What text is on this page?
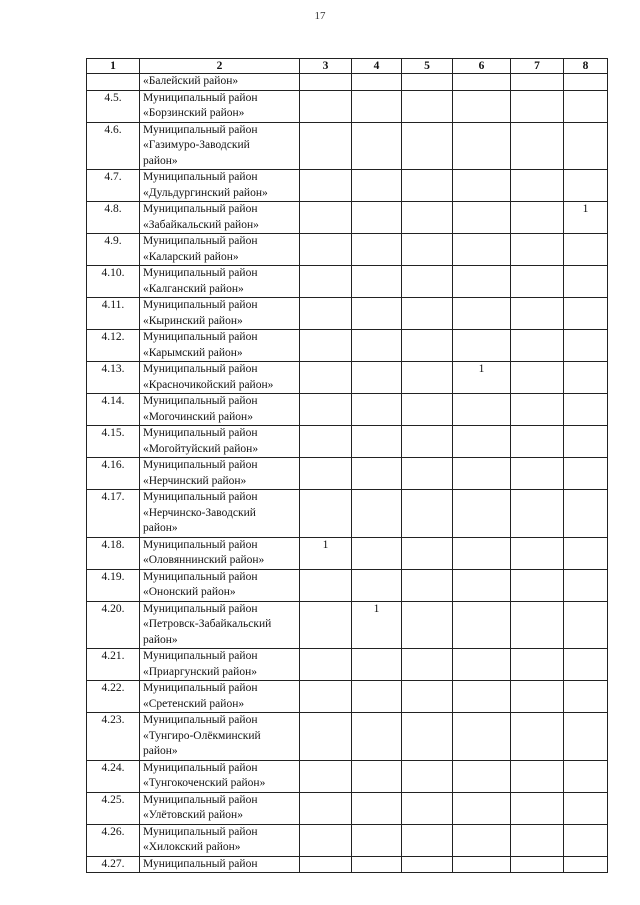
17
1	2	3	4	5	6	7	8
	«Балейский район»						
4.5.	Муниципальный район
«Борзинский район»						
4.6.	Муниципальный район
«Газимуро-Заводский
район»						
4.7.	Муниципальный район
«Дульдургинский район»						
4.8.	Муниципальный район
«Забайкальский район»						1
4.9.	Муниципальный район
«Каларский район»						
4.10.	Муниципальный район
«Калганский район»						
4.11.	Муниципальный район
«Кыринский район»						
4.12.	Муниципальный район
«Карымский район»						
4.13.	Муниципальный район
«Красночикойский район»				1		
4.14.	Муниципальный район
«Могочинский район»						
4.15.	Муниципальный район
«Могойтуйский район»						
4.16.	Муниципальный район
«Нерчинский район»						
4.17.	Муниципальный район
«Нерчинско-Заводский
район»						
4.18.	Муниципальный район
«Оловяннинский район»	1					
4.19.	Муниципальный район
«Ононский район»						
4.20.	Муниципальный район
«Петровск-Забайкальский
район»		1				
4.21.	Муниципальный район
«Приаргунский район»						
4.22.	Муниципальный район
«Сретенский район»						
4.23.	Муниципальный район
«Тунгиро-Олёкминский
район»						
4.24.	Муниципальный район
«Тунгокоченский район»						
4.25.	Муниципальный район
«Улётовский район»						
4.26.	Муниципальный район
«Хилокский район»						
4.27.	Муниципальный район						
